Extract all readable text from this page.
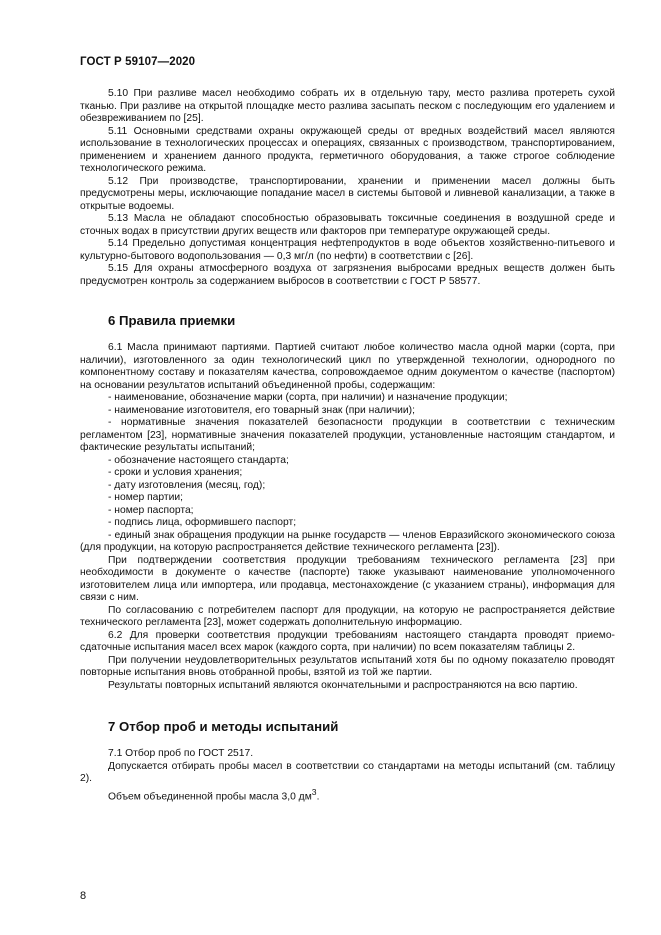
ГОСТ Р 59107—2020

5.10 При разливе масел необходимо собрать их в отдельную тару, место разлива протереть сухой тканью. При разливе на открытой площадке место разлива засыпать песком с последующим его удалением и обезвреживанием по [25].

5.11 Основными средствами охраны окружающей среды от вредных воздействий масел являются использование в технологических процессах и операциях, связанных с производством, транспортированием, применением и хранением данного продукта, герметичного оборудования, а также строгое соблюдение технологического режима.

5.12 При производстве, транспортировании, хранении и применении масел должны быть предусмотрены меры, исключающие попадание масел в системы бытовой и ливневой канализации, а также в открытые водоемы.

5.13 Масла не обладают способностью образовывать токсичные соединения в воздушной среде и сточных водах в присутствии других веществ или факторов при температуре окружающей среды.

5.14 Предельно допустимая концентрация нефтепродуктов в воде объектов хозяйственно-питьевого и культурно-бытового водопользования — 0,3 мг/л (по нефти) в соответствии с [26].

5.15 Для охраны атмосферного воздуха от загрязнения выбросами вредных веществ должен быть предусмотрен контроль за содержанием выбросов в соответствии с ГОСТ Р 58577.

6 Правила приемки

6.1 Масла принимают партиями. Партией считают любое количество масла одной марки (сорта, при наличии), изготовленного за один технологический цикл по утвержденной технологии, однородного по компонентному составу и показателям качества, сопровождаемое одним документом о качестве (паспортом) на основании результатов испытаний объединенной пробы, содержащим:

- наименование, обозначение марки (сорта, при наличии) и назначение продукции;

- наименование изготовителя, его товарный знак (при наличии);

- нормативные значения показателей безопасности продукции в соответствии с техническим регламентом [23], нормативные значения показателей продукции, установленные настоящим стандартом, и фактические результаты испытаний;

- обозначение настоящего стандарта;

- сроки и условия хранения;

- дату изготовления (месяц, год);

- номер партии;

- номер паспорта;

- подпись лица, оформившего паспорт;

- единый знак обращения продукции на рынке государств — членов Евразийского экономического союза (для продукции, на которую распространяется действие технического регламента [23]).

При подтверждении соответствия продукции требованиям технического регламента [23] при необходимости в документе о качестве (паспорте) также указывают наименование уполномоченного изготовителем лица или импортера, или продавца, местонахождение (с указанием страны), информация для связи с ним.

По согласованию с потребителем паспорт для продукции, на которую не распространяется действие технического регламента [23], может содержать дополнительную информацию.

6.2 Для проверки соответствия продукции требованиям настоящего стандарта проводят приемо-сдаточные испытания масел всех марок (каждого сорта, при наличии) по всем показателям таблицы 2.

При получении неудовлетворительных результатов испытаний хотя бы по одному показателю проводят повторные испытания вновь отобранной пробы, взятой из той же партии.

Результаты повторных испытаний являются окончательными и распространяются на всю партию.

7 Отбор проб и методы испытаний

7.1 Отбор проб по ГОСТ 2517.

Допускается отбирать пробы масел в соответствии со стандартами на методы испытаний (см. таблицу 2).

Объем объединенной пробы масла 3,0 $дм^3$.

8
